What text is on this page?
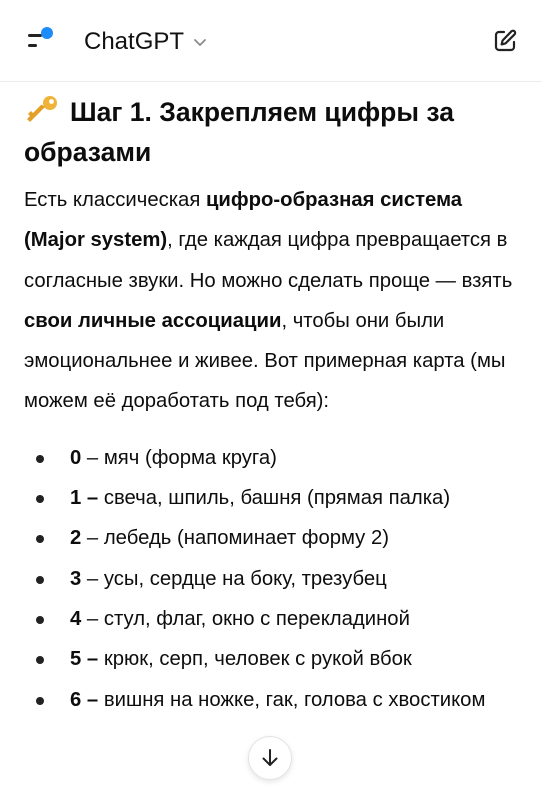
ChatGPT
Шаг 1. Закрепляем цифры за образами

Есть классическая цифро-образная система (Major system), где каждая цифра превращается в согласные звуки. Но можно сделать проще — взять свои личные ассоциации, чтобы они были эмоциональнее и живее. Вот примерная карта (мы можем её доработать под тебя):

0 – мяч (форма круга)
1 – свеча, шпиль, башня (прямая палка)
2 – лебедь (напоминает форму 2)
3 – усы, сердце на боку, трезубец
4 – стул, флаг, окно с перекладиной
5 – крюк, серп, человек с рукой вбок
6 – вишня на ножке, гак, голова с хвостиком
